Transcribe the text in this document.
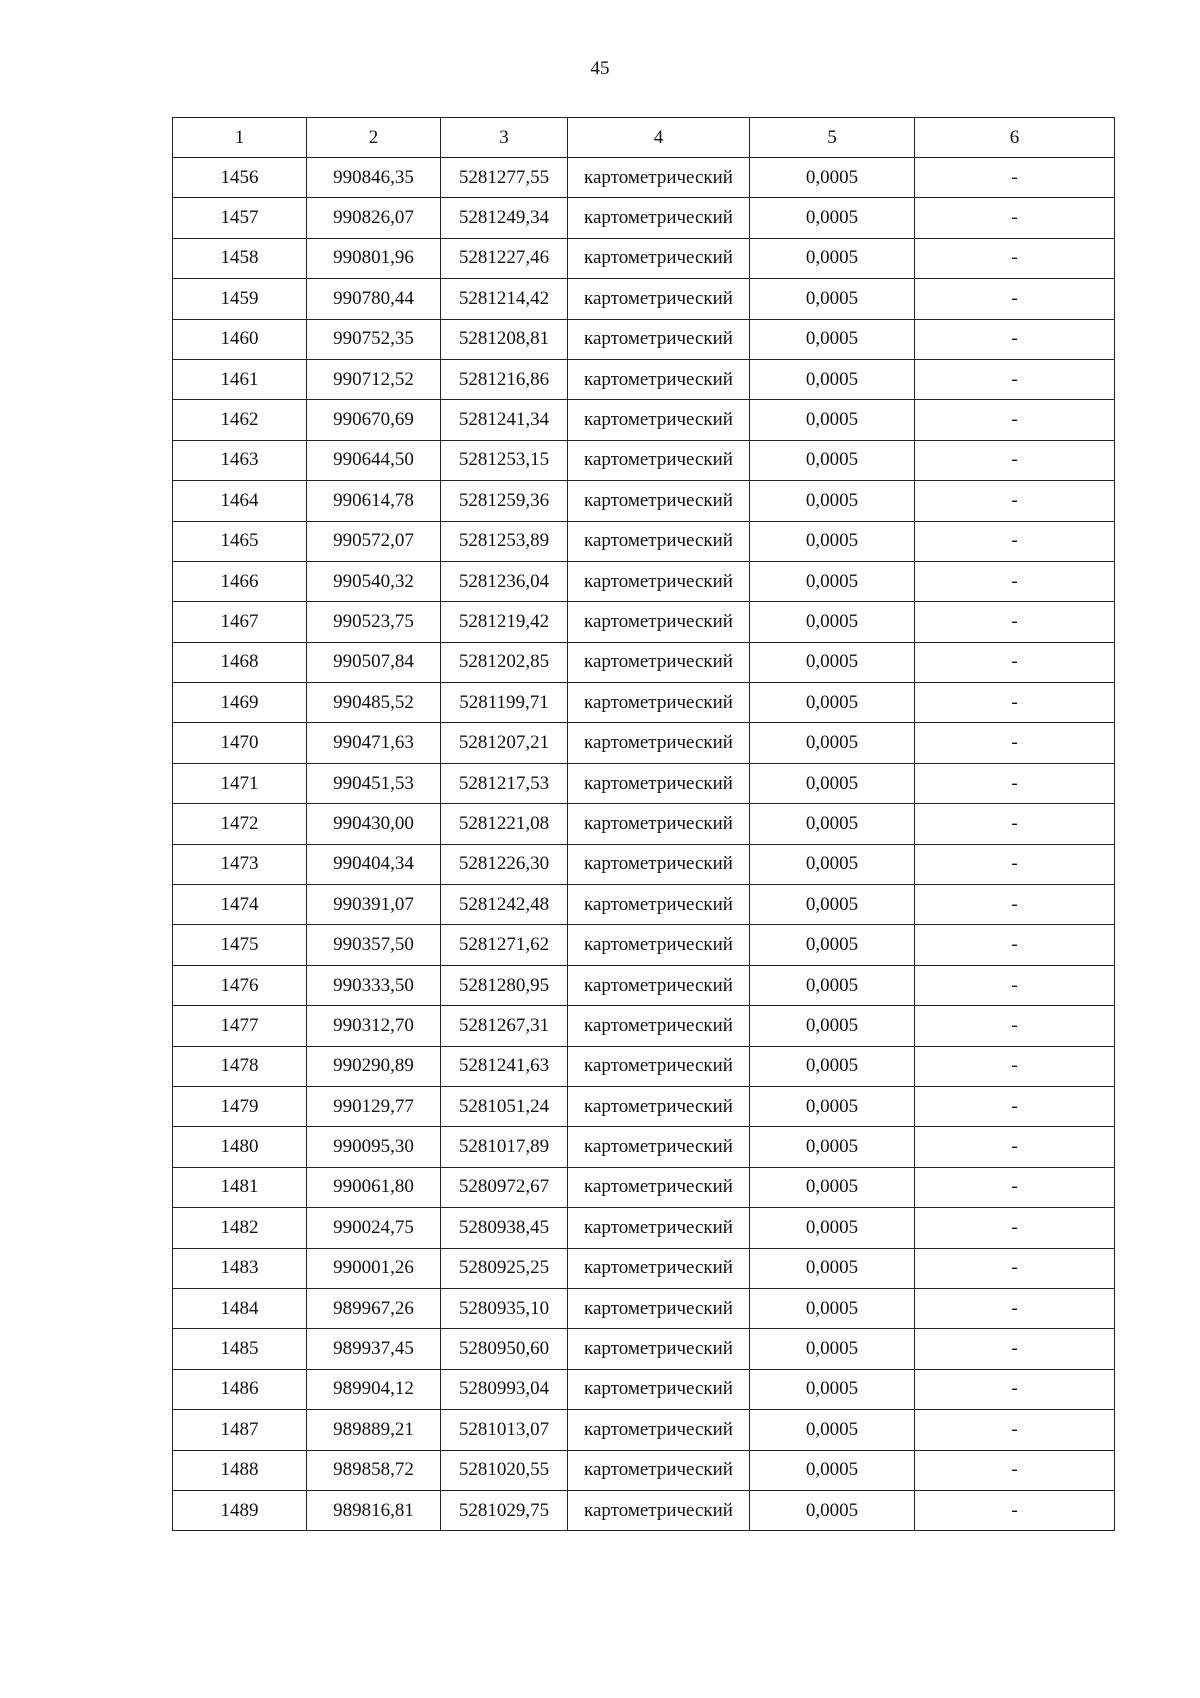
45
1	2	3	4	5	6
1456	990846,35	5281277,55	картометрический	0,0005	-
1457	990826,07	5281249,34	картометрический	0,0005	-
1458	990801,96	5281227,46	картометрический	0,0005	-
1459	990780,44	5281214,42	картометрический	0,0005	-
1460	990752,35	5281208,81	картометрический	0,0005	-
1461	990712,52	5281216,86	картометрический	0,0005	-
1462	990670,69	5281241,34	картометрический	0,0005	-
1463	990644,50	5281253,15	картометрический	0,0005	-
1464	990614,78	5281259,36	картометрический	0,0005	-
1465	990572,07	5281253,89	картометрический	0,0005	-
1466	990540,32	5281236,04	картометрический	0,0005	-
1467	990523,75	5281219,42	картометрический	0,0005	-
1468	990507,84	5281202,85	картометрический	0,0005	-
1469	990485,52	5281199,71	картометрический	0,0005	-
1470	990471,63	5281207,21	картометрический	0,0005	-
1471	990451,53	5281217,53	картометрический	0,0005	-
1472	990430,00	5281221,08	картометрический	0,0005	-
1473	990404,34	5281226,30	картометрический	0,0005	-
1474	990391,07	5281242,48	картометрический	0,0005	-
1475	990357,50	5281271,62	картометрический	0,0005	-
1476	990333,50	5281280,95	картометрический	0,0005	-
1477	990312,70	5281267,31	картометрический	0,0005	-
1478	990290,89	5281241,63	картометрический	0,0005	-
1479	990129,77	5281051,24	картометрический	0,0005	-
1480	990095,30	5281017,89	картометрический	0,0005	-
1481	990061,80	5280972,67	картометрический	0,0005	-
1482	990024,75	5280938,45	картометрический	0,0005	-
1483	990001,26	5280925,25	картометрический	0,0005	-
1484	989967,26	5280935,10	картометрический	0,0005	-
1485	989937,45	5280950,60	картометрический	0,0005	-
1486	989904,12	5280993,04	картометрический	0,0005	-
1487	989889,21	5281013,07	картометрический	0,0005	-
1488	989858,72	5281020,55	картометрический	0,0005	-
1489	989816,81	5281029,75	картометрический	0,0005	-
